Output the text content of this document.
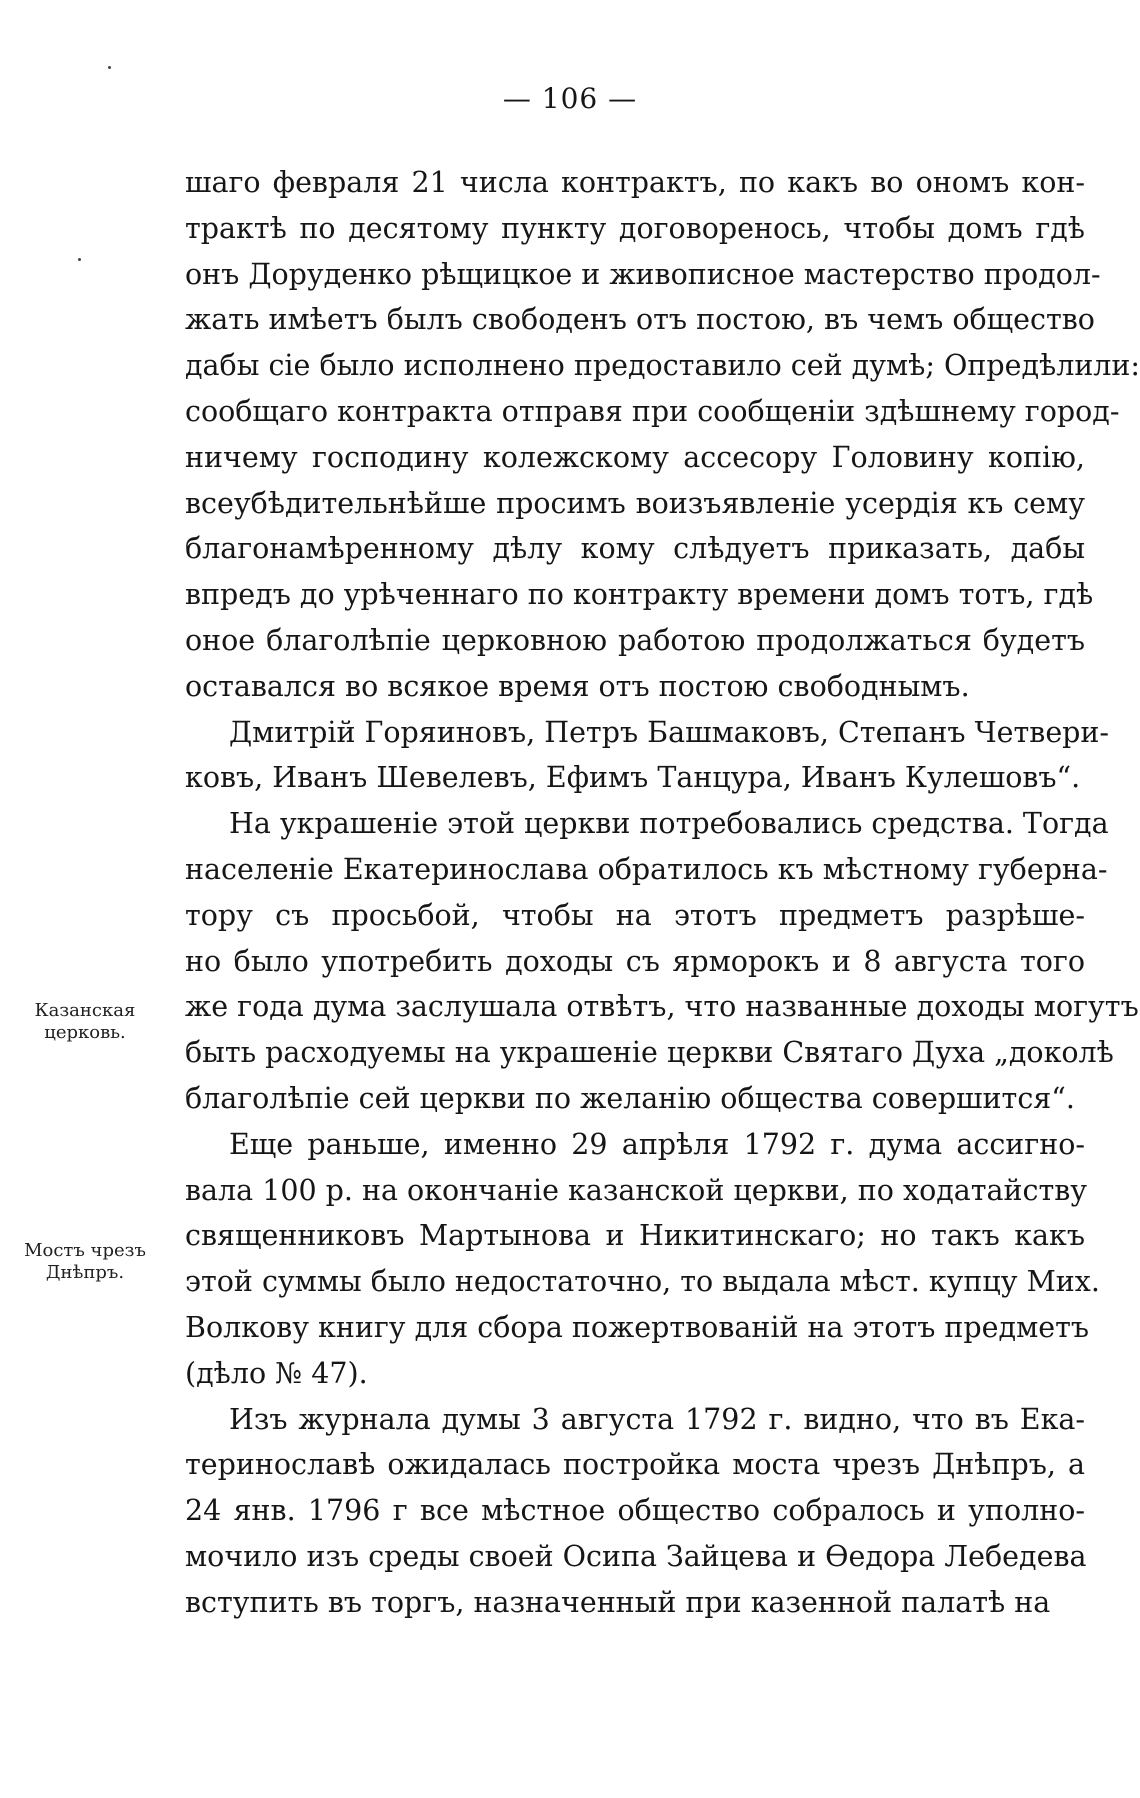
— 106 —
Казанская
церковь.
Мостъ чрезъ
Днѣпръ.
шаго февраля 21 числа контрактъ, по какъ во ономъ кон-
трактѣ по десятому пункту договоренось, чтобы домъ гдѣ
онъ Доруденко рѣщицкое и живописное мастерство продол-
жать имѣетъ былъ свободенъ отъ постою, въ чемъ общество
дабы сіе было исполнено предоставило сей думѣ; Опредѣлили:
сообщаго контракта отправя при сообщеніи здѣшнему город-
ничему господину колежскому ассесору Головину копію,
всеубѣдительнѣйше просимъ воизъявленіе усердія къ сему
благонамѣренному дѣлу кому слѣдуетъ приказать, дабы
впредъ до урѣченнаго по контракту времени домъ тотъ, гдѣ
оное благолѣпіе церковною работою продолжаться будетъ
оставался во всякое время отъ постою свободнымъ.
Дмитрій Горяиновъ, Петръ Башмаковъ, Степанъ Четвери-
ковъ, Иванъ Шевелевъ, Ефимъ Танцура, Иванъ Кулешовъ“.
На украшеніе этой церкви потребовались средства. Тогда
населеніе Екатеринослава обратилось къ мѣстному губерна-
тору съ просьбой, чтобы на этотъ предметъ разрѣше-
но было употребить доходы съ ярморокъ и 8 августа того
же года дума заслушала отвѣтъ, что названные доходы могутъ
быть расходуемы на украшеніе церкви Святаго Духа „доколѣ
благолѣпіе сей церкви по желанію общества совершится“.
Еще раньше, именно 29 апрѣля 1792 г. дума ассигно-
вала 100 р. на окончаніе казанской церкви, по ходатайству
священниковъ Мартынова и Никитинскаго; но такъ какъ
этой суммы было недостаточно, то выдала мѣст. купцу Мих.
Волкову книгу для сбора пожертвованій на этотъ предметъ
(дѣло № 47).
Изъ журнала думы 3 августа 1792 г. видно, что въ Ека-
теринославѣ ожидалась постройка моста чрезъ Днѣпръ, а
24 янв. 1796 г все мѣстное общество собралось и уполно-
мочило изъ среды своей Осипа Зайцева и Ѳедора Лебедева
вступить въ торгъ, назначенный при казенной палатѣ на
